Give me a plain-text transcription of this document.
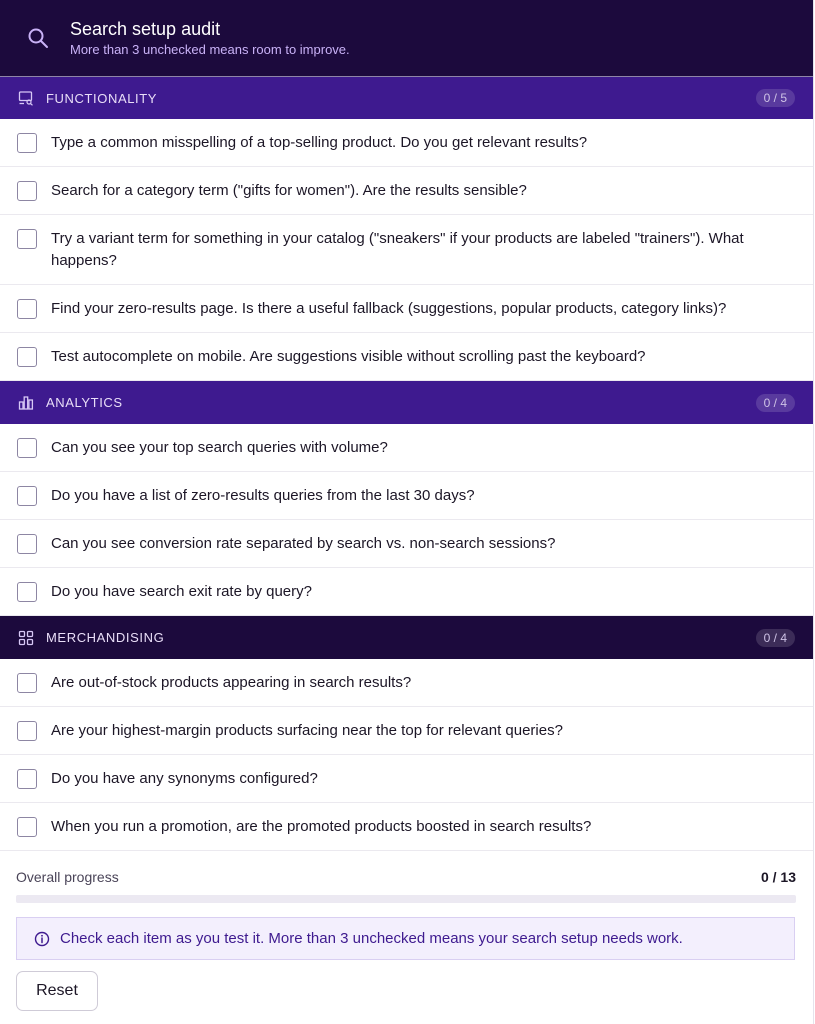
Search setup audit
More than 3 unchecked means room to improve.
FUNCTIONALITY	0 / 5
Type a common misspelling of a top-selling product. Do you get relevant results?
Search for a category term ("gifts for women"). Are the results sensible?
Try a variant term for something in your catalog ("sneakers" if your products are labeled "trainers"). What happens?
Find your zero-results page. Is there a useful fallback (suggestions, popular products, category links)?
Test autocomplete on mobile. Are suggestions visible without scrolling past the keyboard?
ANALYTICS	0 / 4
Can you see your top search queries with volume?
Do you have a list of zero-results queries from the last 30 days?
Can you see conversion rate separated by search vs. non-search sessions?
Do you have search exit rate by query?
MERCHANDISING	0 / 4
Are out-of-stock products appearing in search results?
Are your highest-margin products surfacing near the top for relevant queries?
Do you have any synonyms configured?
When you run a promotion, are the promoted products boosted in search results?
Overall progress	0 / 13
Check each item as you test it. More than 3 unchecked means your search setup needs work.
Reset
